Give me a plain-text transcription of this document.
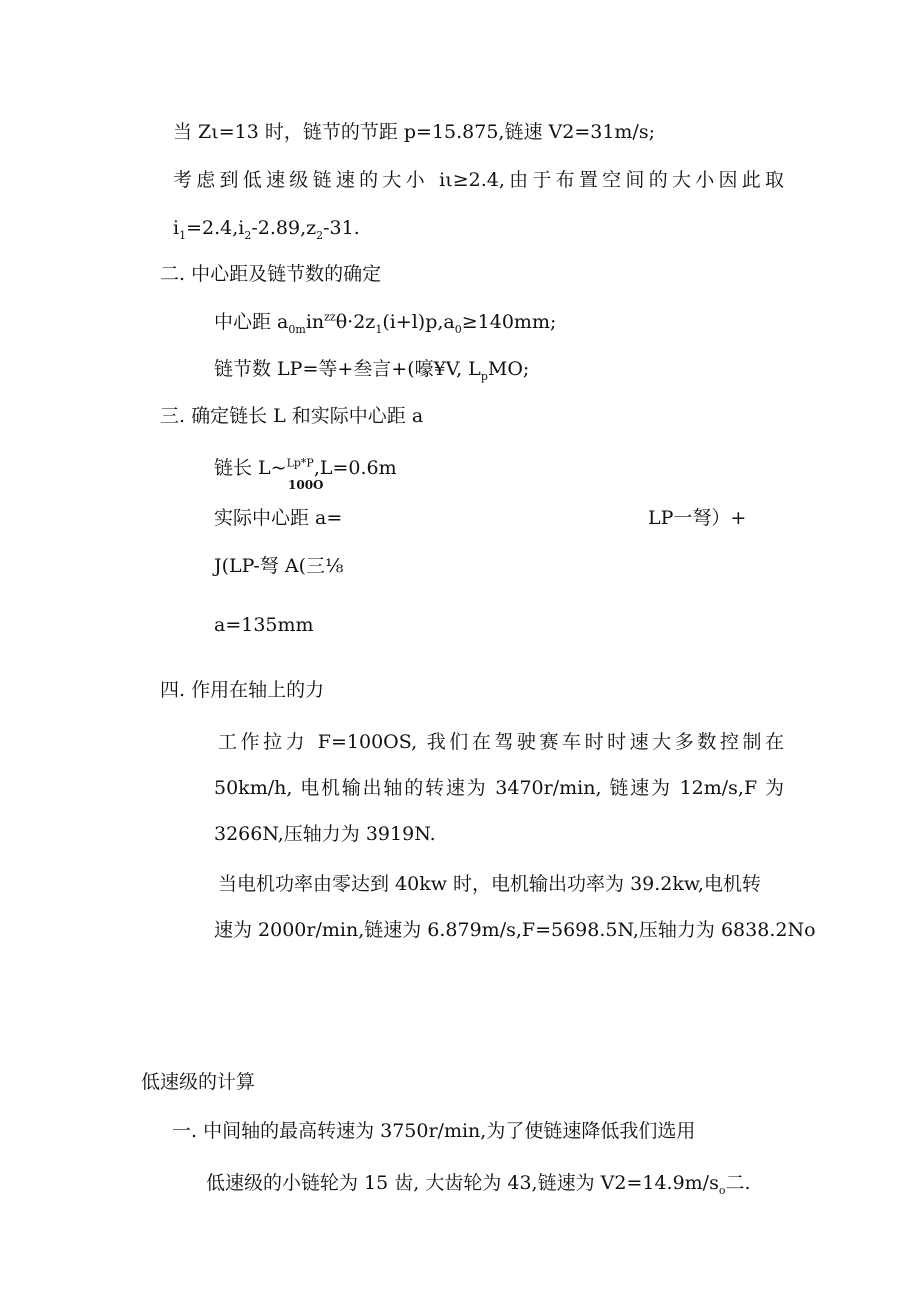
当 Zι=13 时，链节的节距 p=15.875,链速 V2=31m∕s;
考虑到低速级链速的大小 iι≥2.4,由于布置空间的大小因此取
$i_1=2.4,i_2-2.89,z_2-31$.
二. 中心距及链节数的确定
中心距 $a_{0m}in^{zz}\theta\cdot 2z_1(i+l)p,a_0\ge 140mm$;
链节数 LP=等+叁言+(嚎¥V, $L_pMO$;
三. 确定链长 L 和实际中心距 a
链长 L~$^{Lp*P}$,L=0.6m
100O
实际中心距 a=	LP一弩）+
J(LP-弩 A(三⅛
a=135mm
四. 作用在轴上的力
工作拉力 F=100OS, 我们在驾驶赛车时时速大多数控制在
50km∕h, 电机输出轴的转速为 3470r∕min, 链速为 12m∕s,F 为
3266N,压轴力为 3919N.
当电机功率由零达到 40kw 时，电机输出功率为 39.2kw,电机转
速为 2000r∕min,链速为 6.879m∕s,F=5698.5N,压轴力为 6838.2No
低速级的计算
一. 中间轴的最高转速为 3750r∕min,为了使链速降低我们选用
低速级的小链轮为 15 齿, 大齿轮为 43,链速为 $V2=14.9m∕s_o$二.
